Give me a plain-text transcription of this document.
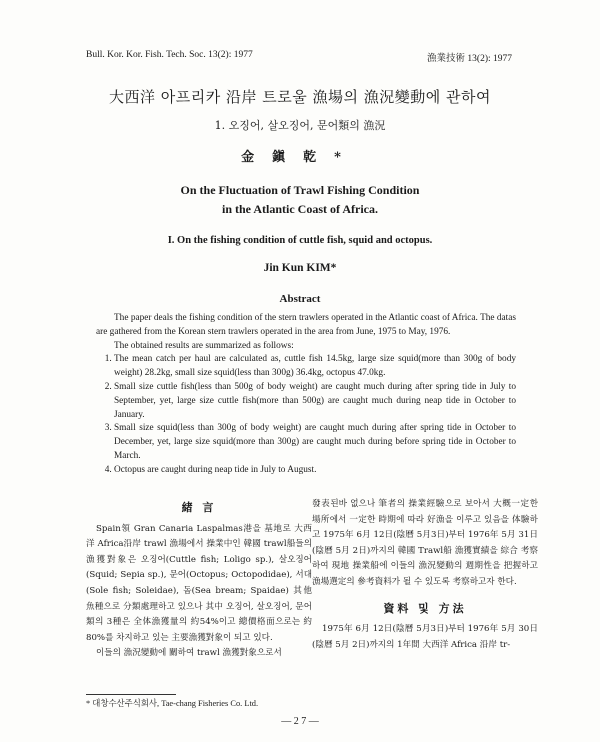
Bull. Kor. Kor. Fish. Tech. Soc. 13(2): 1977	漁業技術 13(2): 1977
大西洋 아프리카 沿岸 트로울 漁場의 漁況變動에 관하여
1. 오징어, 살오징어, 문어類의 漁況
金鎭乾*
On the Fluctuation of Trawl Fishing Condition
in the Atlantic Coast of Africa.
I. On the fishing condition of cuttle fish, squid and octopus.
Jin Kun KIM*
Abstract

The paper deals the fishing condition of the stern trawlers operated in the Atlantic coast of Africa. The datas are gathered from the Korean stern trawlers operated in the area from June, 1975 to May, 1976.

The obtained results are summarized as follows:

1. The mean catch per haul are calculated as, cuttle fish 14.5kg, large size squid(more than 300g of body weight) 28.2kg, small size squid(less than 300g) 36.4kg, octopus 47.0kg.
2. Small size cuttle fish(less than 500g of body weight) are caught much during after spring tide in July to September, yet, large size cuttle fish(more than 500g) are caught much during neap tide in October to January.
3. Small size squid(less than 300g of body weight) are caught much during after spring tide in October to December, yet, large size squid(more than 300g) are caught much during before spring tide in October to March.
4. Octopus are caught during neap tide in July to August.
緒 言

Spain領 Gran Canaria Laspalmas港을 基地로 大西洋 Africa沿岸 trawl 漁場에서 操業中인 韓國 trawl船들의 漁獲對象은 오징어(Cuttle fish; Loligo sp.), 살오징어(Squid; Sepia sp.), 문어(Octopus; Octopodidae), 서대(Sole fish; Soleidae), 돔(Sea bream; Spaidae) 其他 魚種으로 分類處理하고 있으나 其中 오징어, 살오징어, 문어類의 3種은 全体漁獲量의 約54%이고 總價格面으로는 約80%를 차지하고 있는 主要漁獲對象이 되고 있다.

이들의 漁況變動에 關하여 trawl 漁獲對象으로서

發表된바 없으나 筆者의 操業經驗으로 보아서 大概一定한 場所에서 一定한 時期에 따라 好漁을 이루고 있음을 体驗하고 1975年 6月 12日(陰曆 5月3日)부터 1976年 5月 31日(陰曆 5月 2日)까지의 韓國 Trawl船 漁獲實績을 綜合 考察하여 現地 操業船에 이들의 漁況變動의 週期性을 把握하고 漁場選定의 參考資料가 될 수 있도록 考察하고자 한다.

資料 및 方法

1975年 6月 12日(陰曆 5月3日)부터 1976年 5月 30日(陰曆 5月 2日)까지의 1年間 大西洋 Africa 沿岸 tr-

* 대창수산주식회사, Tae-chang Fisheries Co. Ltd.
— 2 7 —
